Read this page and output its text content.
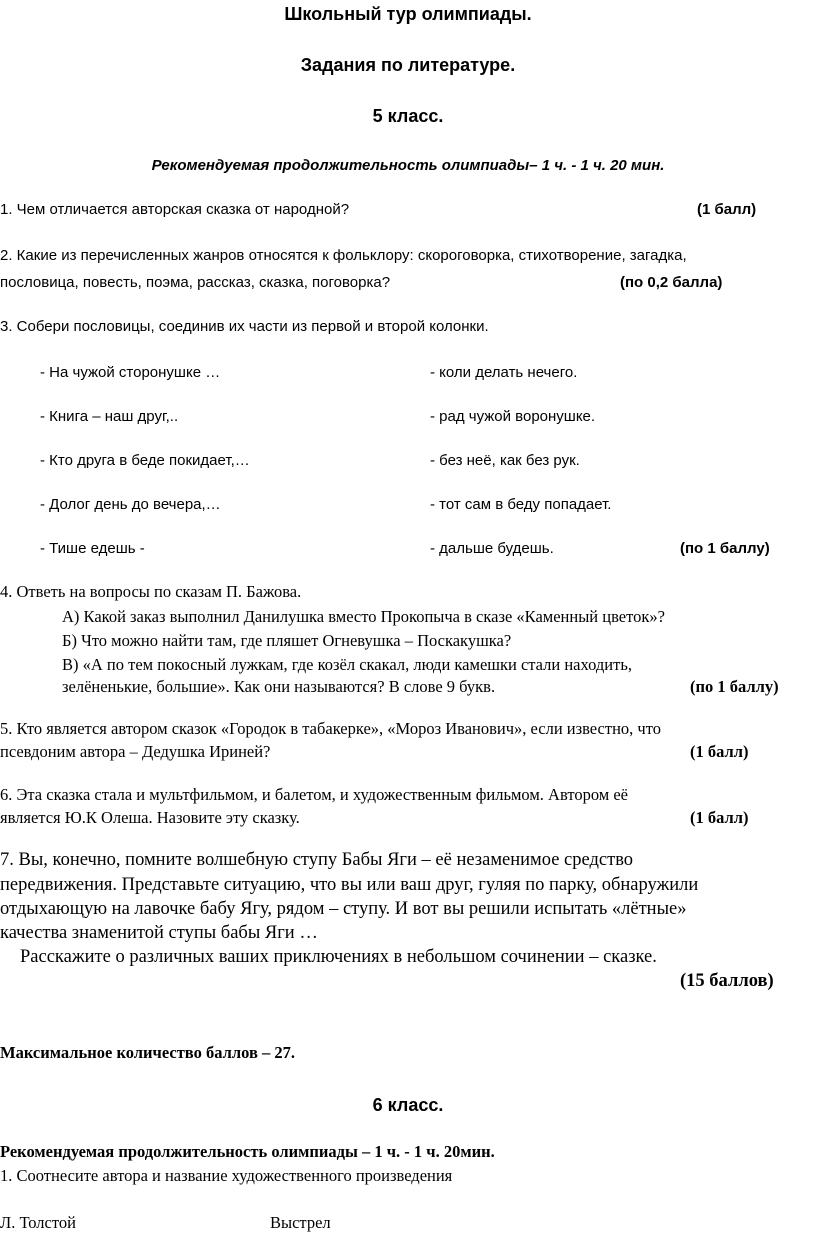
Школьный тур олимпиады.
Задания по литературе.
5 класс.
Рекомендуемая продолжительность олимпиады– 1 ч. - 1 ч. 20 мин.
1. Чем отличается авторская сказка от народной?	(1 балл)
2. Какие из перечисленных жанров относятся к фольклору: скороговорка, стихотворение, загадка,
пословица, повесть, поэма, рассказ, сказка, поговорка?	(по 0,2 балла)
3. Собери пословицы, соединив их части из первой и второй колонки.
- На чужой сторонушке …	- коли делать нечего.
- Книга – наш друг,..	- рад чужой воронушке.
- Кто друга в беде покидает,…	- без неё, как без рук.
- Долог день до вечера,…	- тот сам в беду попадает.
- Тише едешь -	- дальше будешь.	(по 1 баллу)
4. Ответь на вопросы по сказам П. Бажова.
А) Какой заказ выполнил Данилушка вместо Прокопыча в сказе «Каменный цветок»?
Б) Что можно найти там, где пляшет Огневушка – Поскакушка?
В) «А по тем покосный лужкам, где козёл скакал, люди камешки стали находить,
зелёненькие, большие». Как они называются? В слове 9 букв.	(по 1 баллу)
5. Кто является автором сказок «Городок в табакерке», «Мороз Иванович», если известно, что
псевдоним автора – Дедушка Ириней?	(1 балл)
6. Эта сказка стала и мультфильмом, и балетом, и художественным фильмом. Автором её
является Ю.К Олеша. Назовите эту сказку.	(1 балл)
7. Вы, конечно, помните волшебную ступу Бабы Яги – её незаменимое средство
передвижения. Представьте ситуацию, что вы или ваш друг, гуляя по парку, обнаружили
отдыхающую на лавочке бабу Ягу, рядом – ступу. И вот вы решили испытать «лётные»
качества знаменитой ступы бабы Яги …
Расскажите о различных ваших приключениях в небольшом сочинении – сказке.
(15 баллов)
Максимальное количество баллов – 27.
6 класс.
Рекомендуемая продолжительность олимпиады – 1 ч. - 1 ч. 20мин.
1. Соотнесите автора и название художественного произведения
Л. Толстой	Выстрел
